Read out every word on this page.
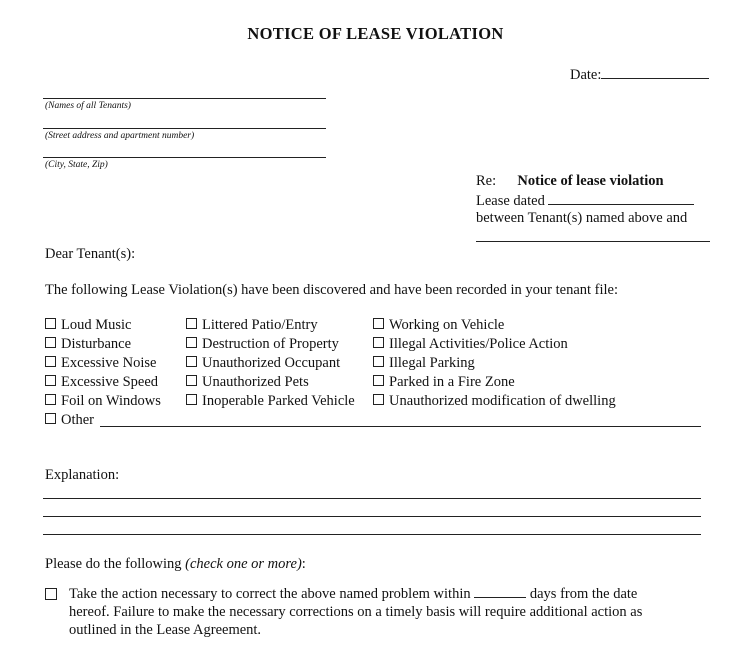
NOTICE OF LEASE VIOLATION
Date:
(Names of all Tenants)
(Street address and apartment number)
(City, State, Zip)
Re: Notice of lease violation
Lease dated
between Tenant(s) named above and
Dear Tenant(s):
The following Lease Violation(s) have been discovered and have been recorded in your tenant file:
Loud Music
Disturbance
Excessive Noise
Excessive Speed
Foil on Windows
Littered Patio/Entry
Destruction of Property
Unauthorized Occupant
Unauthorized Pets
Inoperable Parked Vehicle
Working on Vehicle
Illegal Activities/Police Action
Illegal Parking
Parked in a Fire Zone
Unauthorized modification of dwelling
Other
Explanation:
Please do the following (check one or more):
Take the action necessary to correct the above named problem within	days from the date
hereof. Failure to make the necessary corrections on a timely basis will require additional action as
outlined in the Lease Agreement.
